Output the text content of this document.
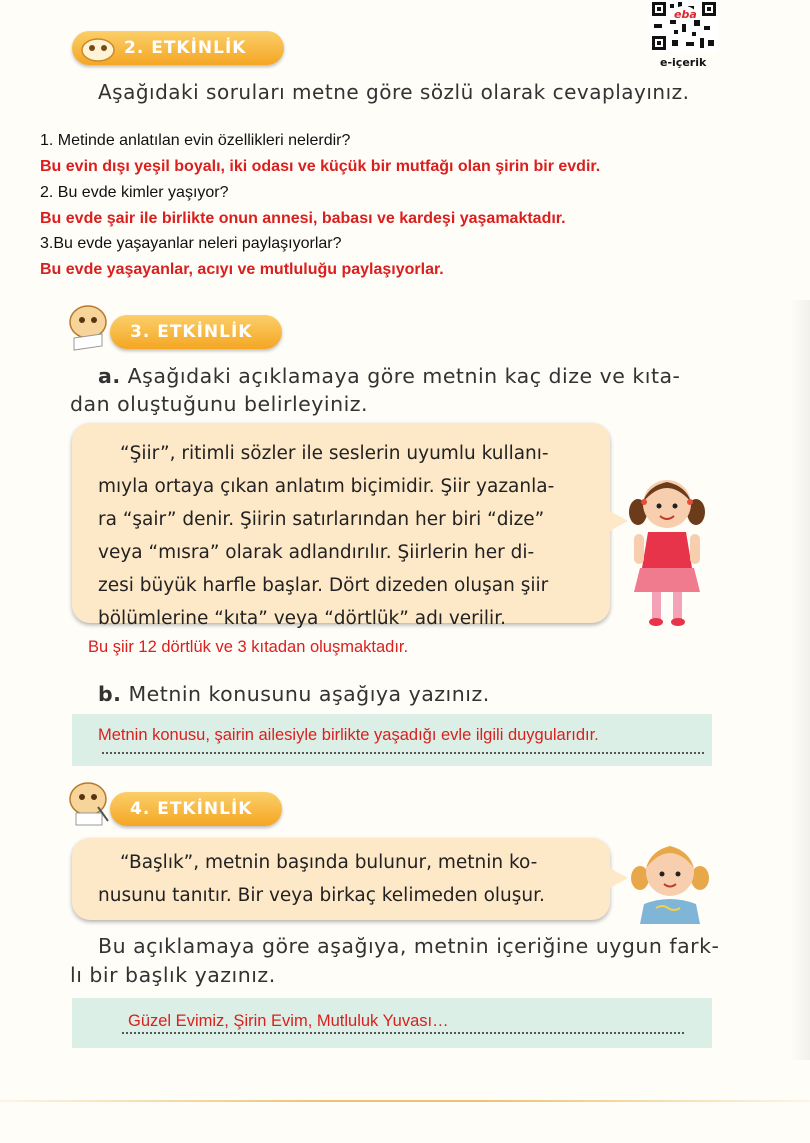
2. ETKİNLİK
eba
e-içerik
Aşağıdaki soruları metne göre sözlü olarak cevaplayınız.
1. Metinde anlatılan evin özellikleri nelerdir?
Bu evin dışı yeşil boyalı, iki odası ve küçük bir mutfağı olan şirin bir evdir.
2. Bu evde kimler yaşıyor?
Bu evde şair ile birlikte onun annesi, babası ve kardeşi yaşamaktadır.
3.Bu evde yaşayanlar neleri paylaşıyorlar?
Bu evde yaşayanlar, acıyı ve mutluluğu paylaşıyorlar.
3. ETKİNLİK
a. Aşağıdaki açıklamaya göre metnin kaç dize ve kıta-
dan oluştuğunu belirleyiniz.
“Şiir”, ritimli sözler ile seslerin uyumlu kullanı-
mıyla ortaya çıkan anlatım biçimidir. Şiir yazanla-
ra “şair” denir. Şiirin satırlarından her biri “dize”
veya “mısra” olarak adlandırılır. Şiirlerin her di-
zesi büyük harfle başlar. Dört dizeden oluşan şiir
bölümlerine “kıta” veya “dörtlük” adı verilir.
Bu şiir 12 dörtlük ve 3 kıtadan oluşmaktadır.
b. Metnin konusunu aşağıya yazınız.
Metnin konusu, şairin ailesiyle birlikte yaşadığı evle ilgili duygularıdır.
4. ETKİNLİK
“Başlık”, metnin başında bulunur, metnin ko-
nusunu tanıtır. Bir veya birkaç kelimeden oluşur.
Bu açıklamaya göre aşağıya, metnin içeriğine uygun fark-
lı bir başlık yazınız.
Güzel Evimiz, Şirin Evim, Mutluluk Yuvası…
